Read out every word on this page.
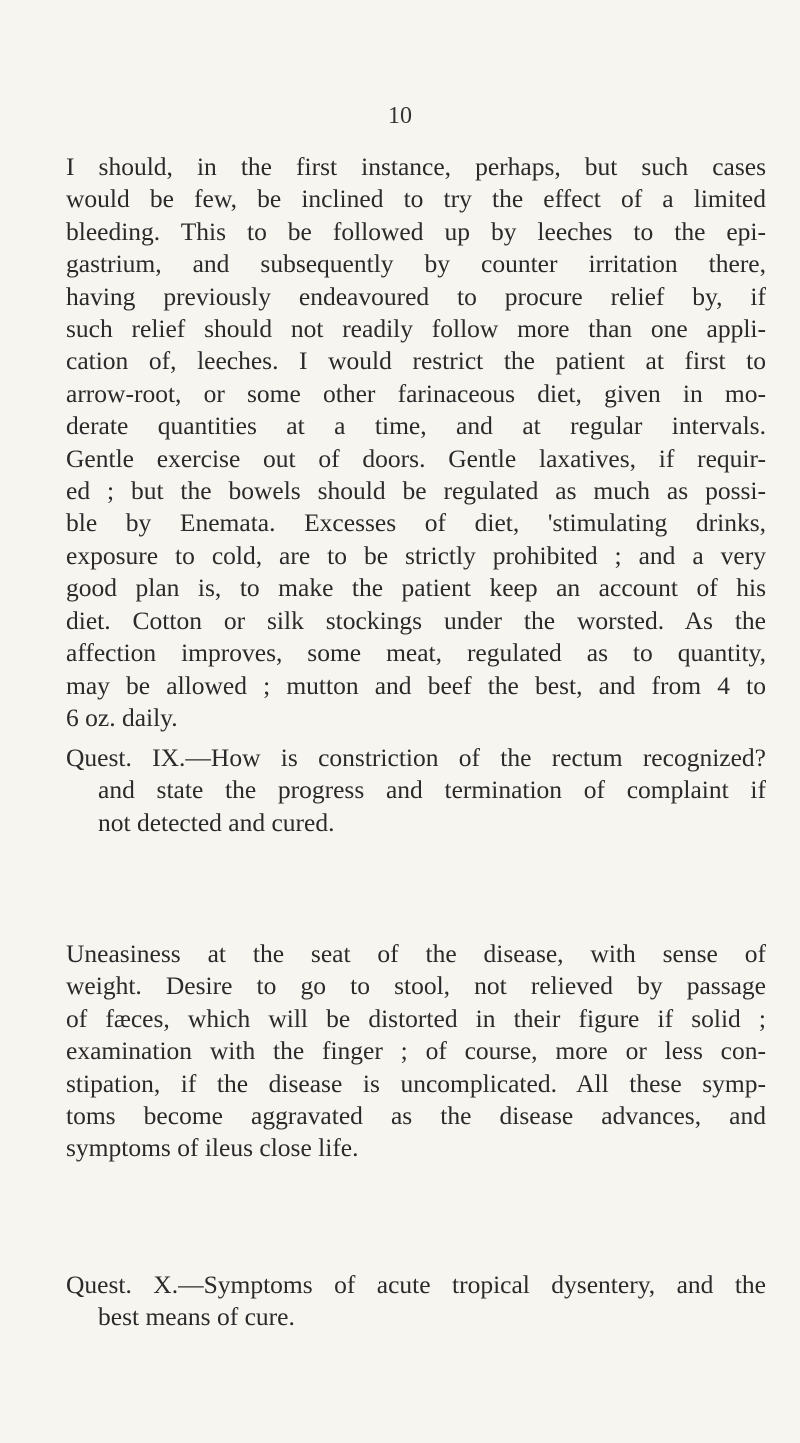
10
I should, in the first instance, perhaps, but such cases
would be few, be inclined to try the effect of a limited
bleeding. This to be followed up by leeches to the epi-
gastrium, and subsequently by counter irritation there,
having previously endeavoured to procure relief by, if
such relief should not readily follow more than one appli-
cation of, leeches. I would restrict the patient at first to
arrow-root, or some other farinaceous diet, given in mo-
derate quantities at a time, and at regular intervals.
Gentle exercise out of doors. Gentle laxatives, if requir-
ed ; but the bowels should be regulated as much as possi-
ble by Enemata. Excesses of diet, 'stimulating drinks,
exposure to cold, are to be strictly prohibited ; and a very
good plan is, to make the patient keep an account of his
diet. Cotton or silk stockings under the worsted. As the
affection improves, some meat, regulated as to quantity,
may be allowed ; mutton and beef the best, and from 4 to
6 oz. daily.
Quest. IX.—How is constriction of the rectum recognized?
and state the progress and termination of complaint if
not detected and cured.
Uneasiness at the seat of the disease, with sense of
weight. Desire to go to stool, not relieved by passage
of fæces, which will be distorted in their figure if solid ;
examination with the finger ; of course, more or less con-
stipation, if the disease is uncomplicated. All these symp-
toms become aggravated as the disease advances, and
symptoms of ileus close life.
Quest. X.—Symptoms of acute tropical dysentery, and the
best means of cure.
